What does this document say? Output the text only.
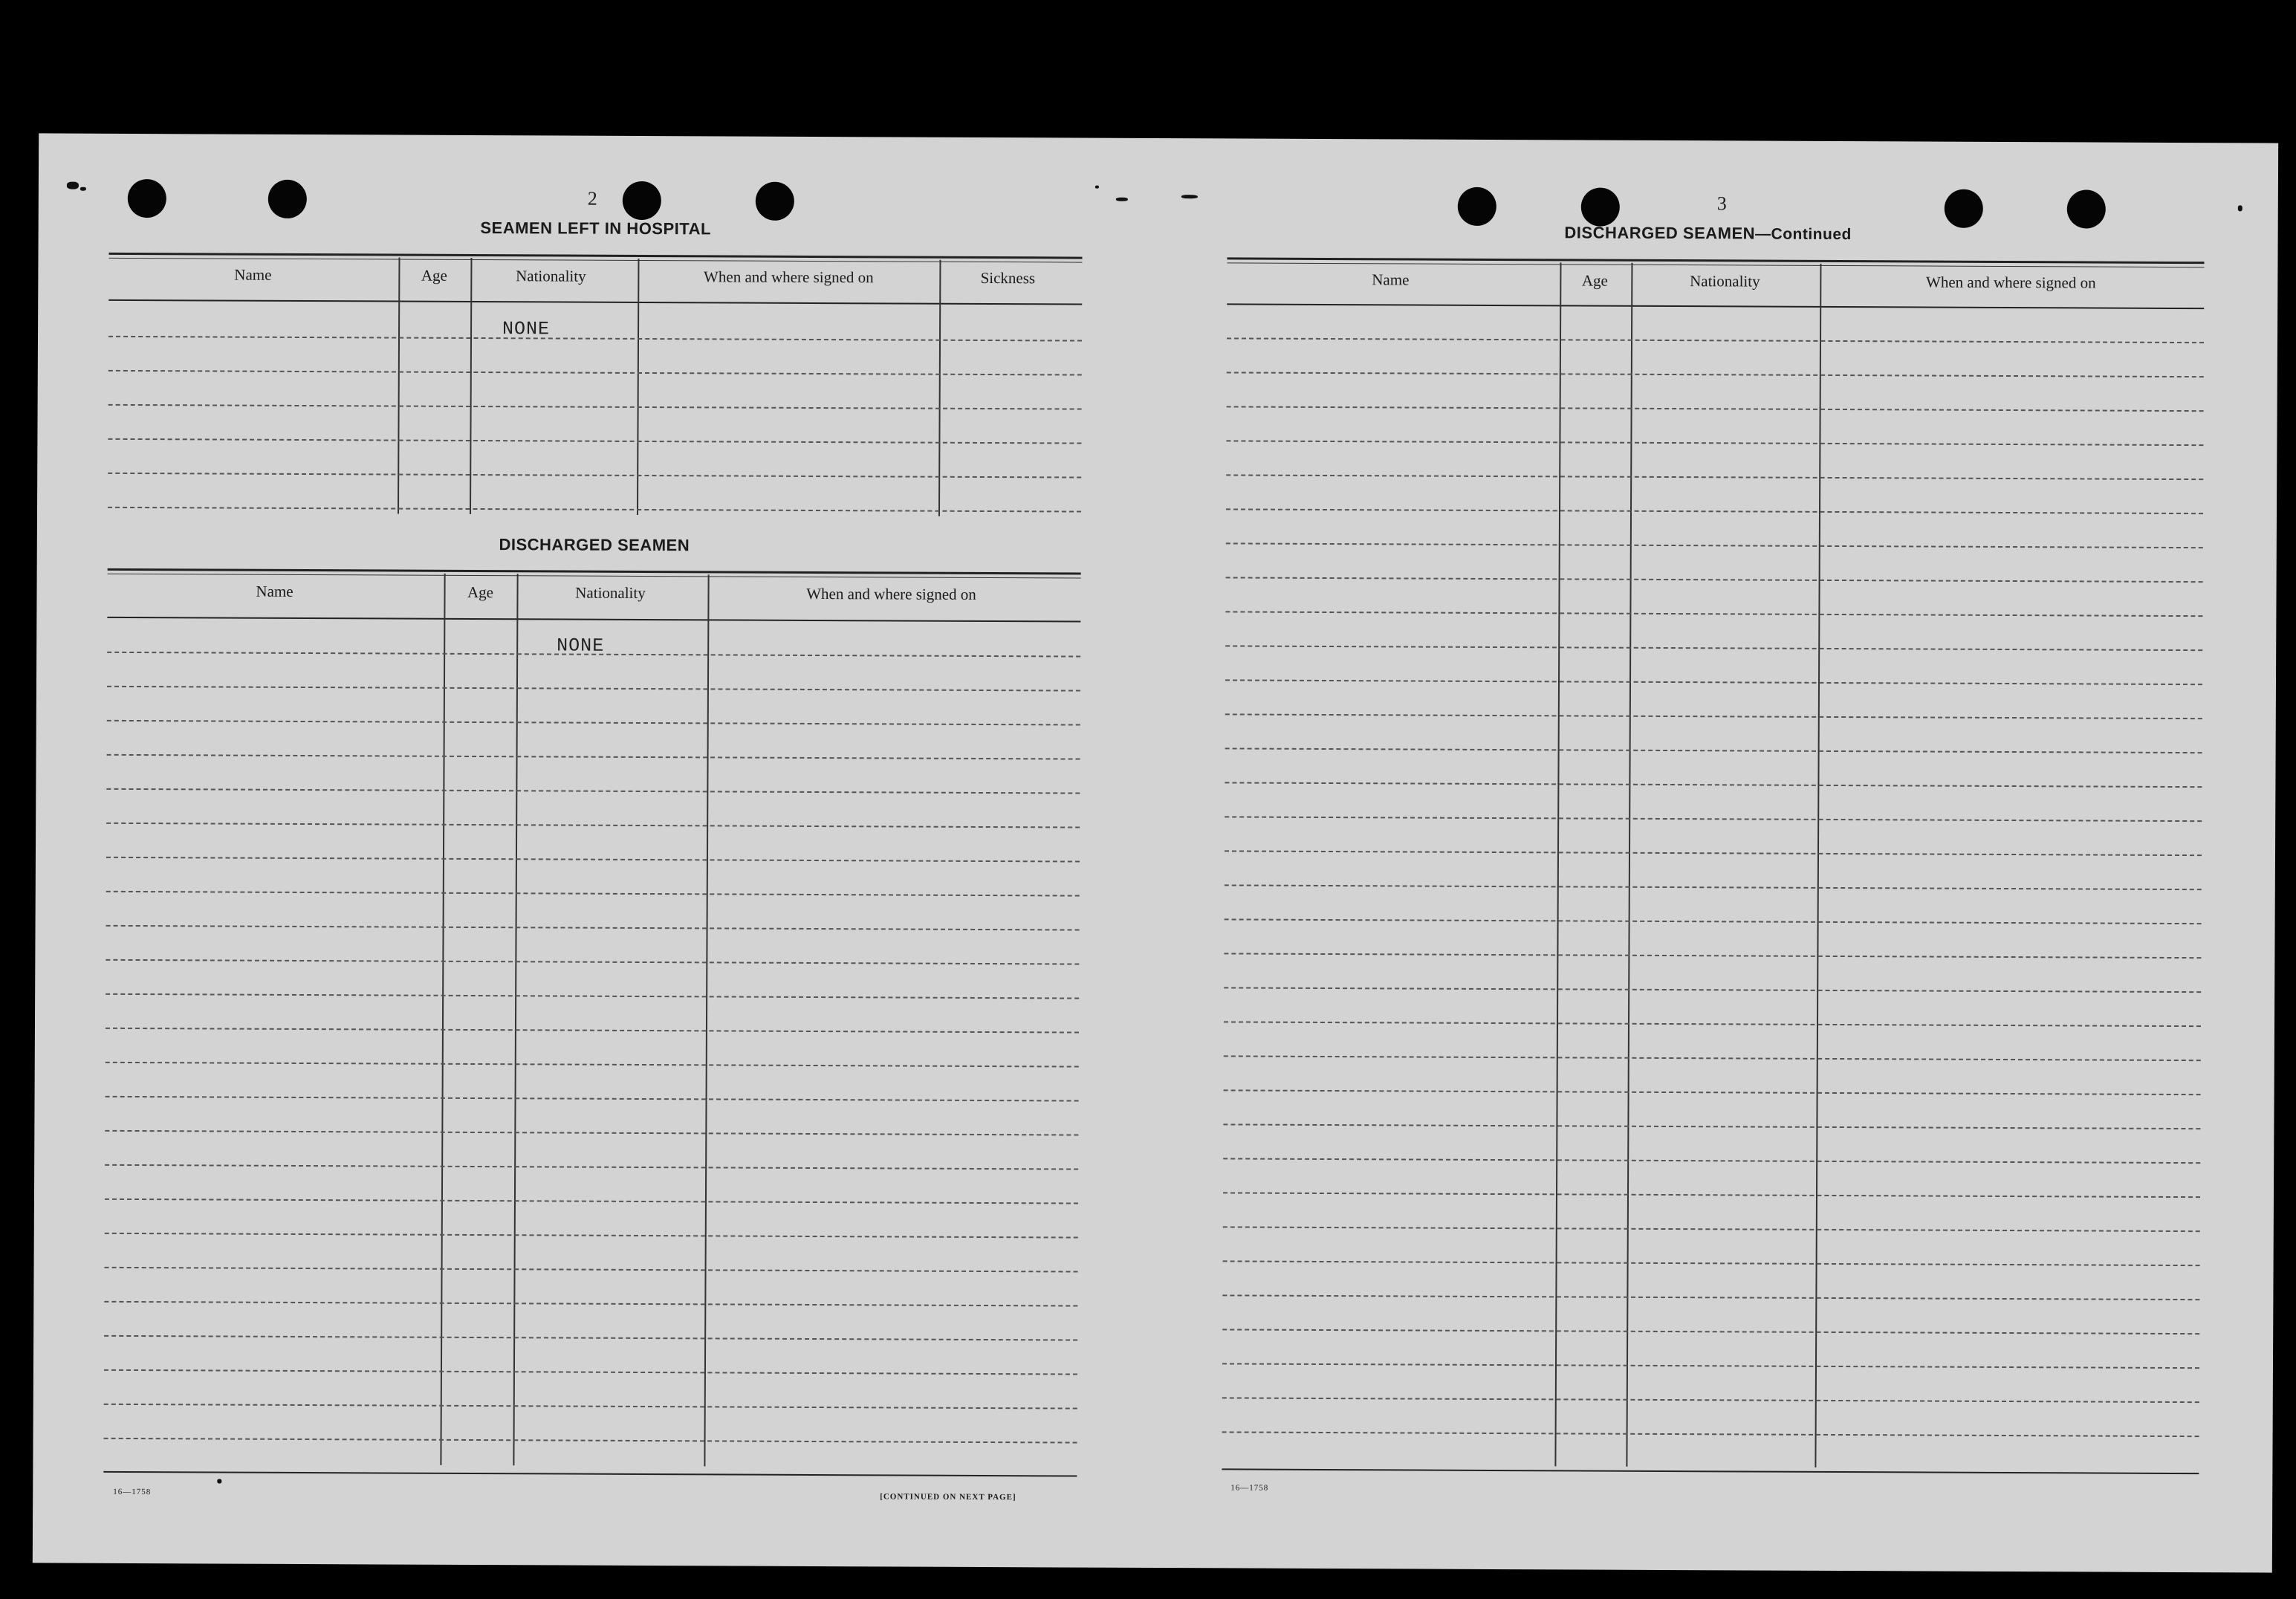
2
SEAMEN LEFT IN HOSPITAL
Name	Age	Nationality	When and where signed on	Sickness
NONE
DISCHARGED SEAMEN
Name	Age	Nationality	When and where signed on
NONE
16—1758
[CONTINUED ON NEXT PAGE]
3
DISCHARGED SEAMEN—Continued
Name	Age	Nationality	When and where signed on
16—1758
